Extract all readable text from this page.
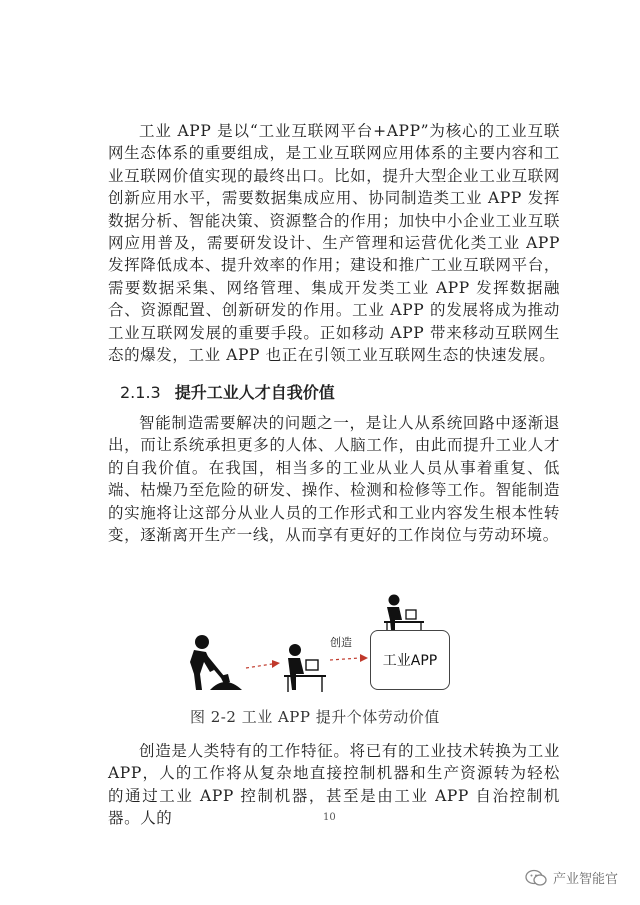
工业 APP 是以“工业互联网平台+APP”为核心的工业互联网生态体系的重要组成，是工业互联网应用体系的主要内容和工业互联网价值实现的最终出口。比如，提升大型企业工业互联网创新应用水平，需要数据集成应用、协同制造类工业 APP 发挥数据分析、智能决策、资源整合的作用；加快中小企业工业互联网应用普及，需要研发设计、生产管理和运营优化类工业 APP 发挥降低成本、提升效率的作用；建设和推广工业互联网平台，需要数据采集、网络管理、集成开发类工业 APP 发挥数据融合、资源配置、创新研发的作用。工业 APP 的发展将成为推动工业互联网发展的重要手段。正如移动 APP 带来移动互联网生态的爆发，工业 APP 也正在引领工业互联网生态的快速发展。

2.1.3 提升工业人才自我价值

智能制造需要解决的问题之一，是让人从系统回路中逐渐退出，而让系统承担更多的人体、人脑工作，由此而提升工业人才的自我价值。在我国，相当多的工业从业人员从事着重复、低端、枯燥乃至危险的研发、操作、检测和检修等工作。智能制造的实施将让这部分从业人员的工作形式和工业内容发生根本性转变，逐渐离开生产一线，从而享有更好的工作岗位与劳动环境。

创造
工业APP
图 2-2 工业 APP 提升个体劳动价值

创造是人类特有的工作特征。将已有的工业技术转换为工业APP，人的工作将从复杂地直接控制机器和生产资源转为轻松的通过工业 APP 控制机器，甚至是由工业 APP 自治控制机器。人的	10
产业智能官
